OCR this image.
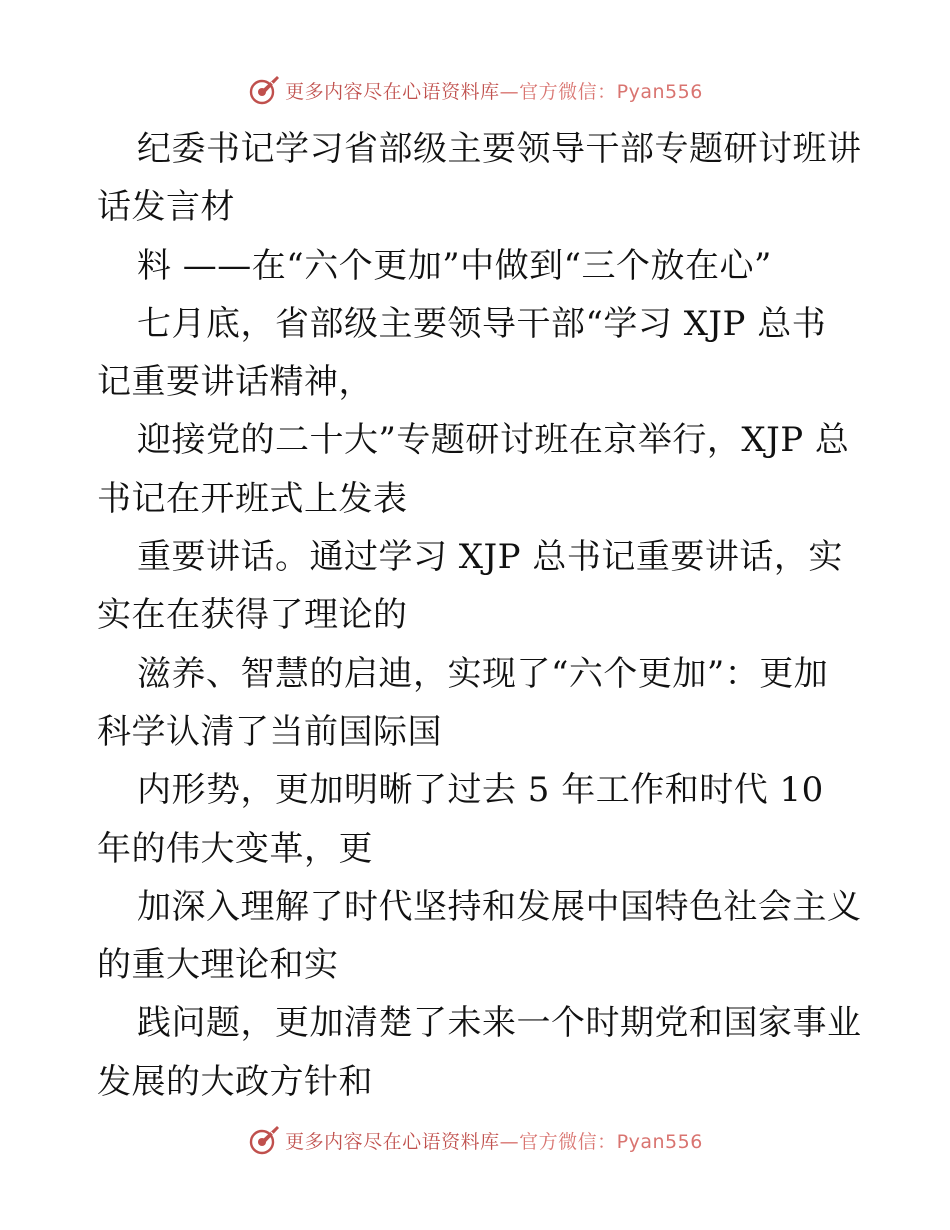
更多内容尽在心语资料库—官方微信：Pyan556
纪委书记学习省部级主要领导干部专题研讨班讲
话发言材
料 ——在“六个更加”中做到“三个放在心”
七月底，省部级主要领导干部“学习 XJP 总书
记重要讲话精神，
迎接党的二十大”专题研讨班在京举行，XJP 总
书记在开班式上发表
重要讲话。通过学习 XJP 总书记重要讲话，实
实在在获得了理论的
滋养、智慧的启迪，实现了“六个更加”：更加
科学认清了当前国际国
内形势，更加明晰了过去 5 年工作和时代 10
年的伟大变革，更
加深入理解了时代坚持和发展中国特色社会主义
的重大理论和实
践问题，更加清楚了未来一个时期党和国家事业
发展的大政方针和
更多内容尽在心语资料库—官方微信：Pyan556
